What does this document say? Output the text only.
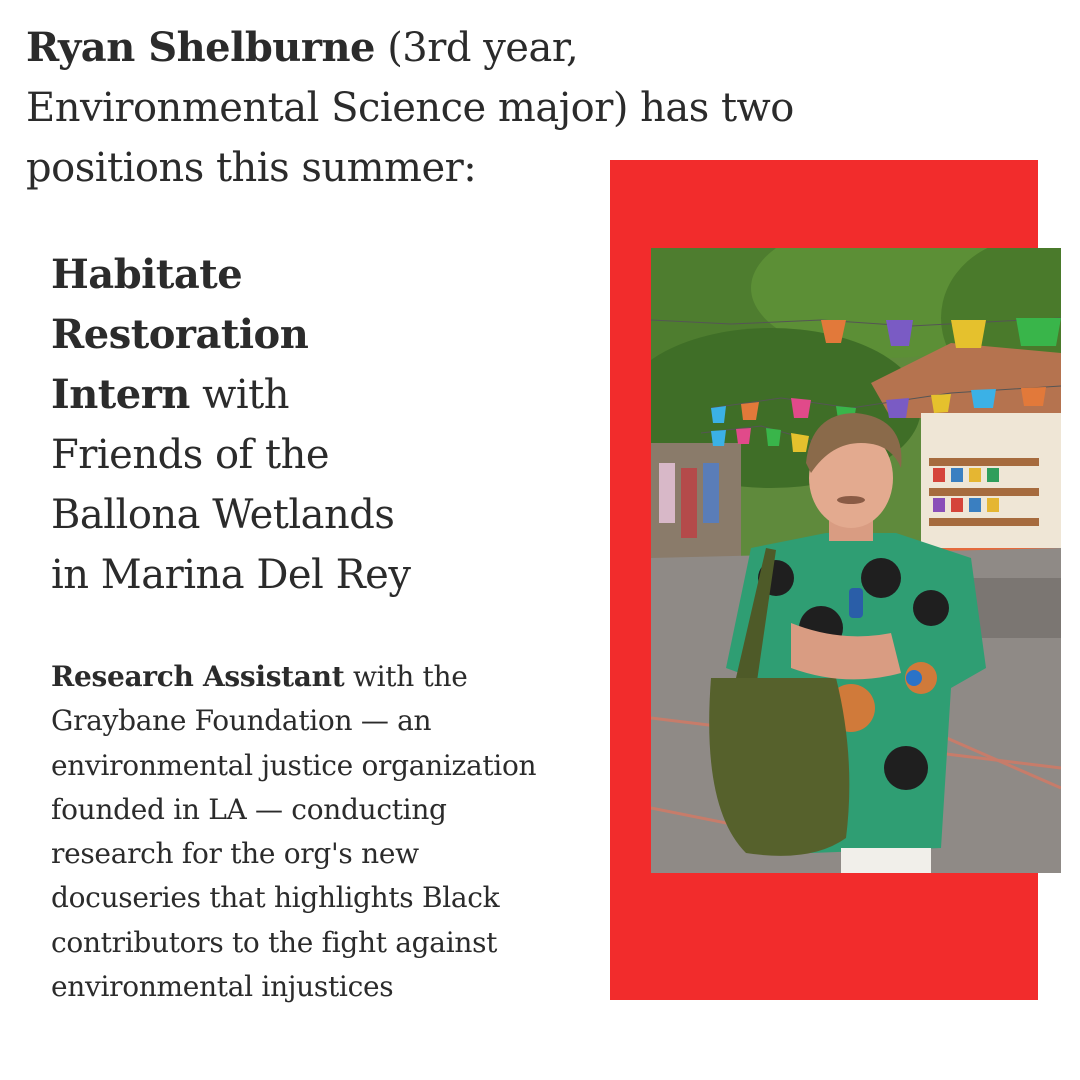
Ryan Shelburne (3rd year,
Environmental Science major) has two
positions this summer:
Habitate
Restoration
Intern with
Friends of the
Ballona Wetlands
in Marina Del Rey
Research Assistant with the
Graybane Foundation — an
environmental justice organization
founded in LA — conducting
research for the org's new
docuseries that highlights Black
contributors to the fight against
environmental injustices
